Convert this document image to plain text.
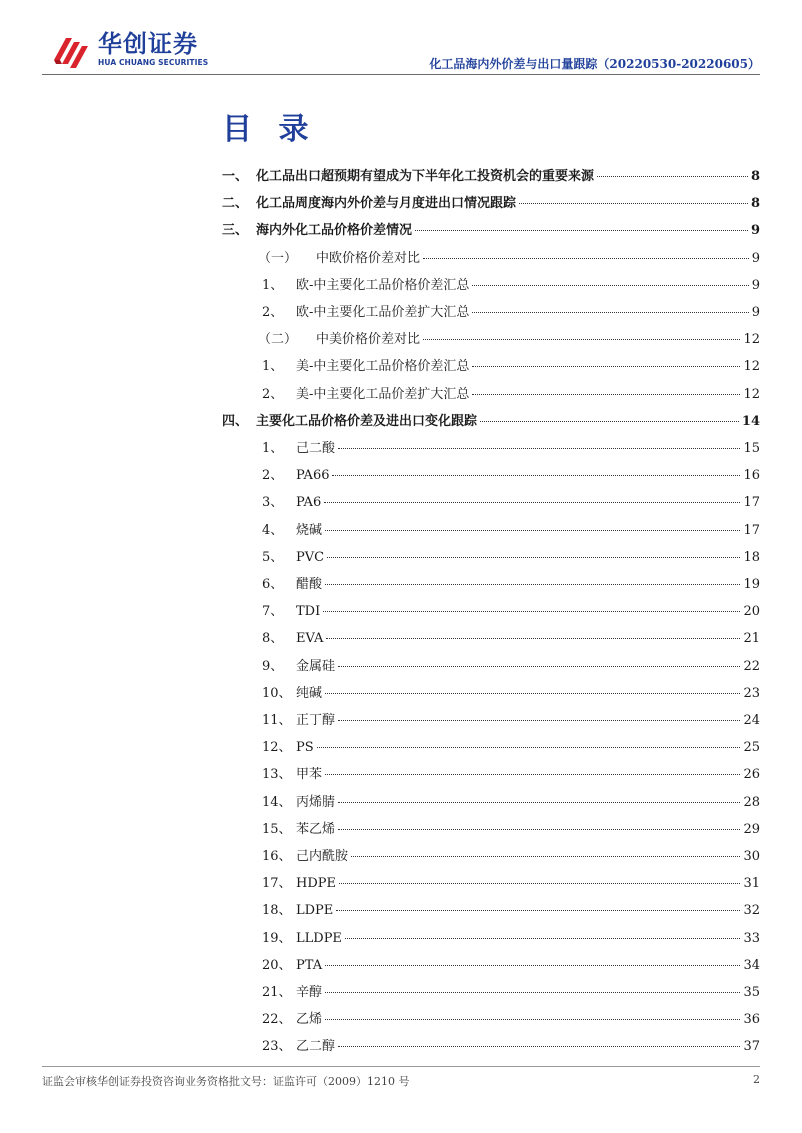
华创证券
HUA CHUANG SECURITIES	化工品海内外价差与出口量跟踪（20220530-20220605）
目 录
一、 化工品出口超预期有望成为下半年化工投资机会的重要来源	8
二、 化工品周度海内外价差与月度进出口情况跟踪	8
三、 海内外化工品价格价差情况	9
（一） 中欧价格价差对比	9
1、 欧-中主要化工品价格价差汇总	9
2、 欧-中主要化工品价差扩大汇总	9
（二） 中美价格价差对比	12
1、 美-中主要化工品价格价差汇总	12
2、 美-中主要化工品价差扩大汇总	12
四、 主要化工品价格价差及进出口变化跟踪	14
1、 己二酸	15
2、 PA66	16
3、 PA6	17
4、 烧碱	17
5、 PVC	18
6、 醋酸	19
7、 TDI	20
8、 EVA	21
9、 金属硅	22
10、 纯碱	23
11、 正丁醇	24
12、 PS	25
13、 甲苯	26
14、 丙烯腈	28
15、 苯乙烯	29
16、 己内酰胺	30
17、 HDPE	31
18、 LDPE	32
19、 LLDPE	33
20、 PTA	34
21、 辛醇	35
22、 乙烯	36
23、 乙二醇	37
证监会审核华创证券投资咨询业务资格批文号：证监许可（2009）1210 号	2
